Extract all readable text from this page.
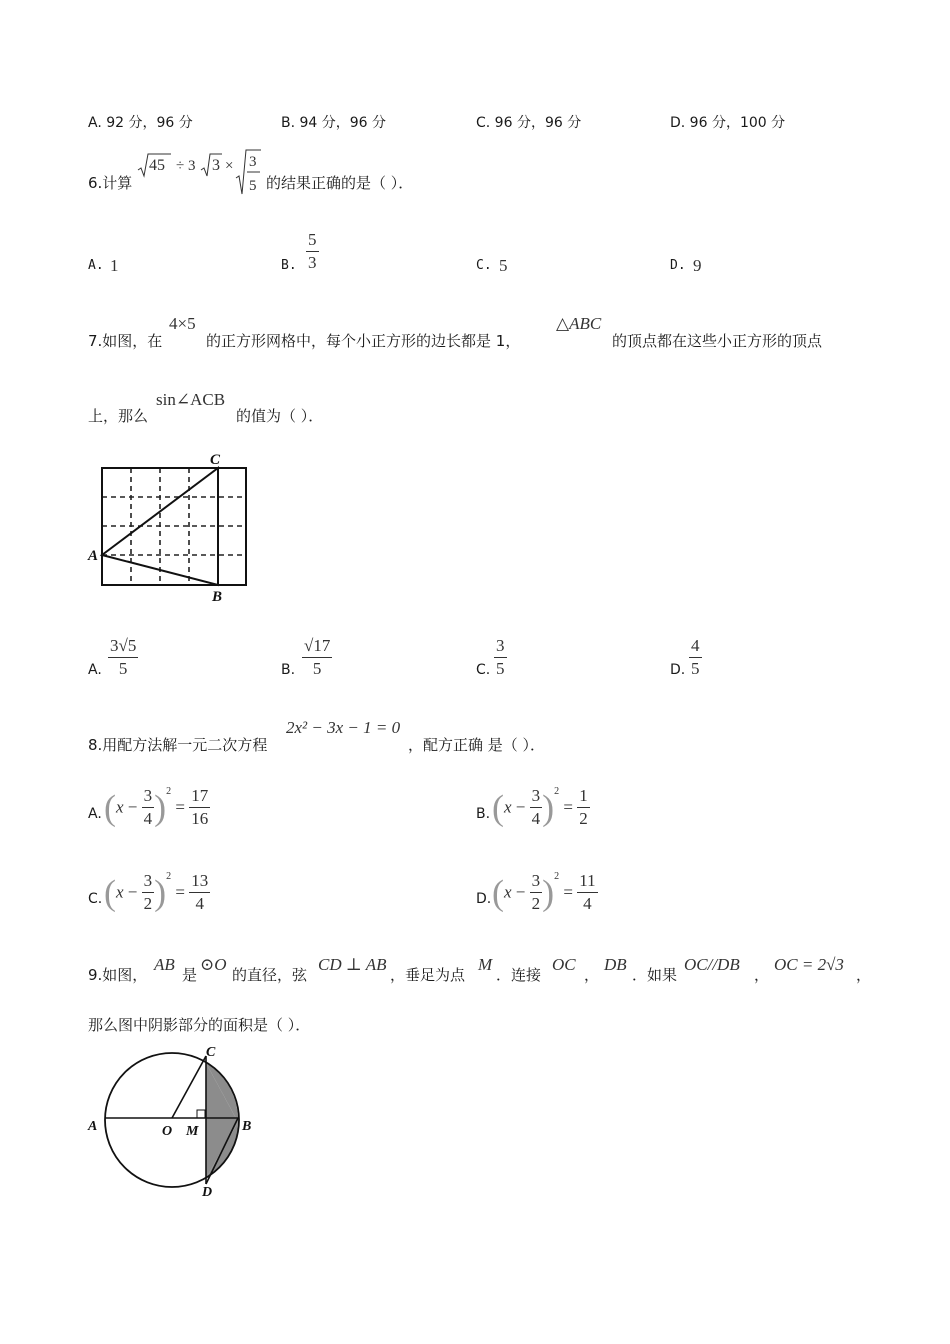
A. 92 分，96 分	B. 94 分，96 分	C. 96 分，96 分	D. 96 分，100 分
6.计算
45 ÷ 3 3 × 3
5 的结果正确的是（ ）．
A. 1	B. $\frac{5}{3}$	C. 5	D. 9
7.如图，在
4×5
的正方形网格中，每个小正方形的边长都是 1，
△ABC
的顶点都在这些小正方形的顶点
上，那么
sin∠ACB
的值为（ ）．
C
A
B
A. $\frac{3√5}{5}$	B. $\frac{√17}{5}$	C. $\frac{3}{5}$	D. $\frac{4}{5}$
8.用配方法解一元二次方程
2x² − 3x − 1 = 0
，配方正确 是（ ）．
A. $(x - \frac{3}{4} )^2 = \frac{17}{16}$	B. $(x - \frac{3}{4} )^2 = \frac{1}{2}$
C. $(x - \frac{3}{2} )^2 = \frac{13}{4}$	D. $(x - \frac{3}{2} )^2 = \frac{11}{4}$
9.如图，
AB
是
⊙O
的直径，弦
CD ⊥ AB
，垂足为点
M
．连接
OC
，
DB
．如果
OC//DB
，
OC = 2√3
，
那么图中阴影部分的面积是（ ）．
C
A	O M	B
D
